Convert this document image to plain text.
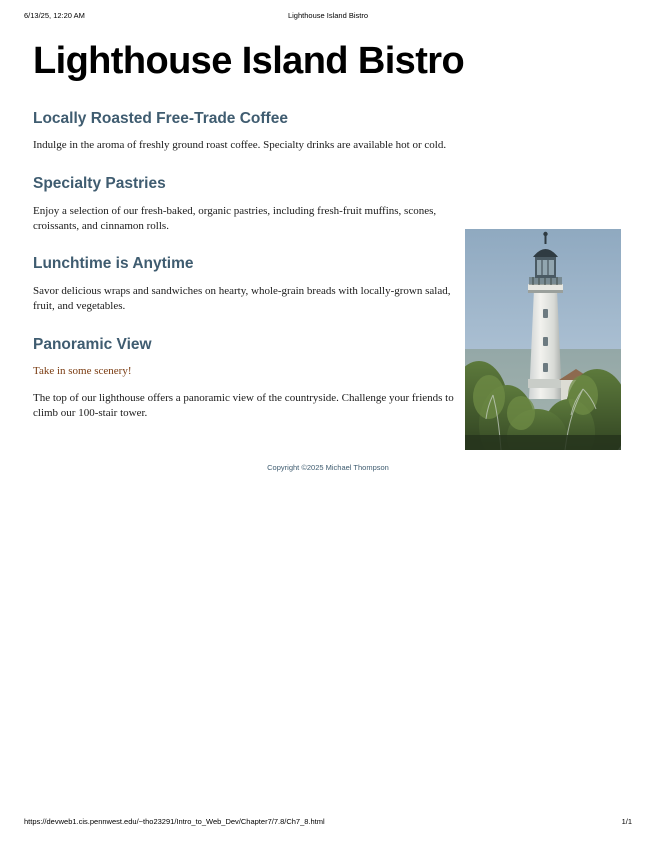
6/13/25, 12:20 AM	Lighthouse Island Bistro
Lighthouse Island Bistro
Locally Roasted Free-Trade Coffee

Indulge in the aroma of freshly ground roast coffee. Specialty drinks are available hot or cold.

Specialty Pastries

Enjoy a selection of our fresh-baked, organic pastries, including fresh-fruit muffins, scones, croissants, and cinnamon rolls.

Lunchtime is Anytime

Savor delicious wraps and sandwiches on hearty, whole-grain breads with locally-grown salad, fruit, and vegetables.

Panoramic View

Take in some scenery!

The top of our lighthouse offers a panoramic view of the countryside. Challenge your friends to climb our 100-stair tower.

Copyright ©2025 Michael Thompson
https://devweb1.cis.pennwest.edu/~tho23291/Intro_to_Web_Dev/Chapter7/7.8/Ch7_8.html	1/1
